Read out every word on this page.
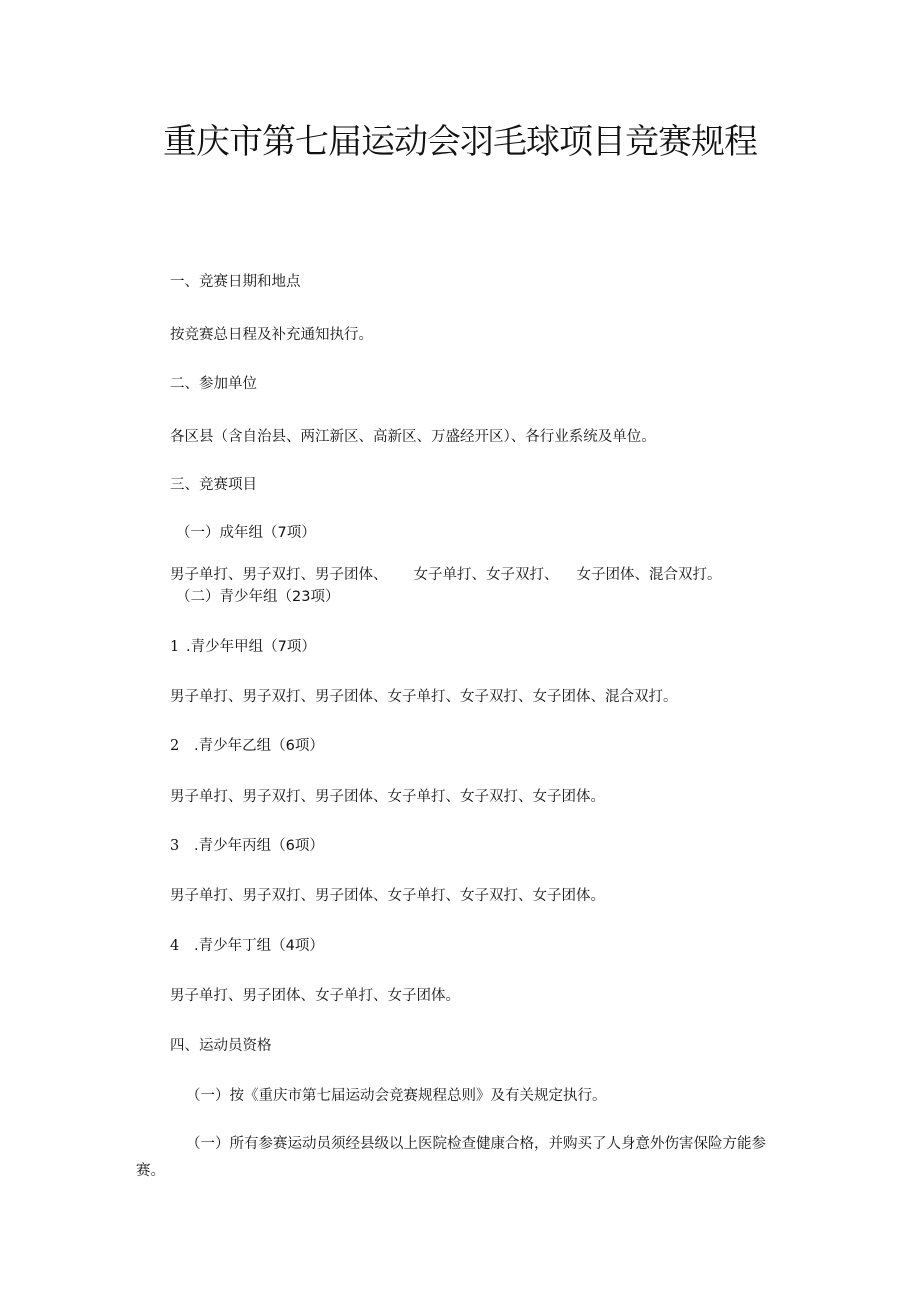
重庆市第七届运动会羽毛球项目竞赛规程
一、竞赛日期和地点
按竞赛总日程及补充通知执行。
二、参加单位
各区县（含自治县、两江新区、高新区、万盛经开区）、各行业系统及单位。
三、竞赛项目
（一）成年组（7项）
男子单打、男子双打、男子团体、 女子单打、女子双打、 女子团体、混合双打。
（二）青少年组（23项）
1 .青少年甲组（7项）
男子单打、男子双打、男子团体、女子单打、女子双打、女子团体、混合双打。
2 .青少年乙组（6项）
男子单打、男子双打、男子团体、女子单打、女子双打、女子团体。
3 .青少年丙组（6项）
男子单打、男子双打、男子团体、女子单打、女子双打、女子团体。
4 .青少年丁组（4项）
男子单打、男子团体、女子单打、女子团体。
四、运动员资格
（一）按《重庆市第七届运动会竞赛规程总则》及有关规定执行。
（一）所有参赛运动员须经县级以上医院检查健康合格，并购买了人身意外伤害保险方能参赛。
